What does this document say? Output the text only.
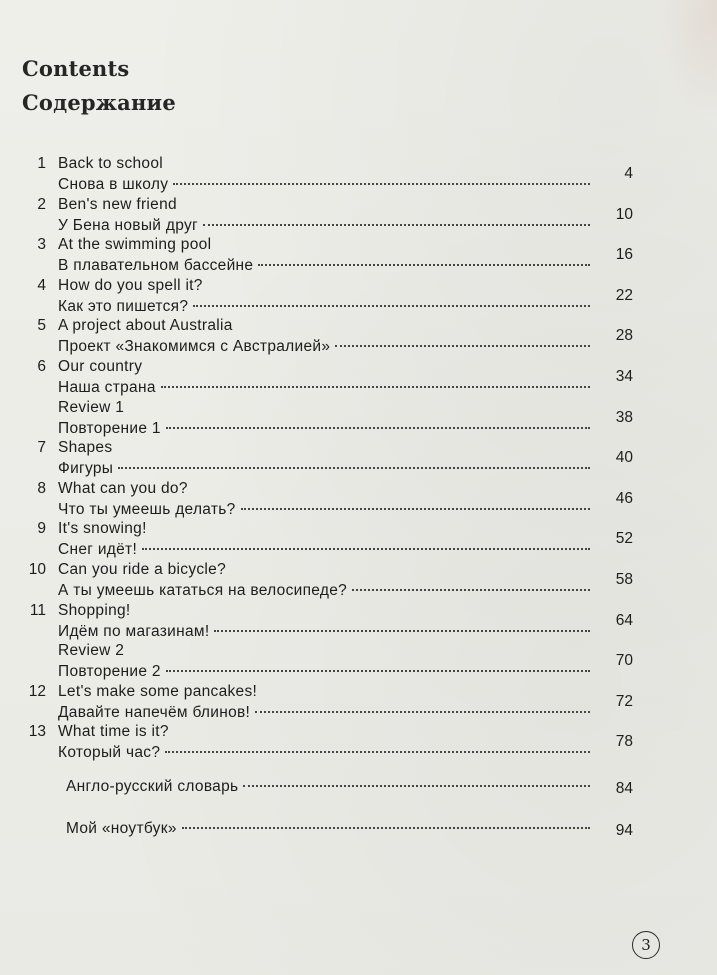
Contents
Содержание
1 Back to school
Снова в школу
4
2 Ben's new friend
У Бена новый друг
10
3 At the swimming pool
В плавательном бассейне
16
4 How do you spell it?
Как это пишется?
22
5 A project about Australia
Проект «Знакомимся с Австралией»
28
6 Our country
Наша страна
34
Review 1
Повторение 1
38
7 Shapes
Фигуры
40
8 What can you do?
Что ты умеешь делать?
46
9 It's snowing!
Снег идёт!
52
10 Can you ride a bicycle?
А ты умеешь кататься на велосипеде?
58
11 Shopping!
Идём по магазинам!
64
Review 2
Повторение 2
70
12 Let's make some pancakes!
Давайте напечём блинов!
72
13 What time is it?
Который час?
78
Англо-русский словарь	84
Мой «ноутбук»	94
3
